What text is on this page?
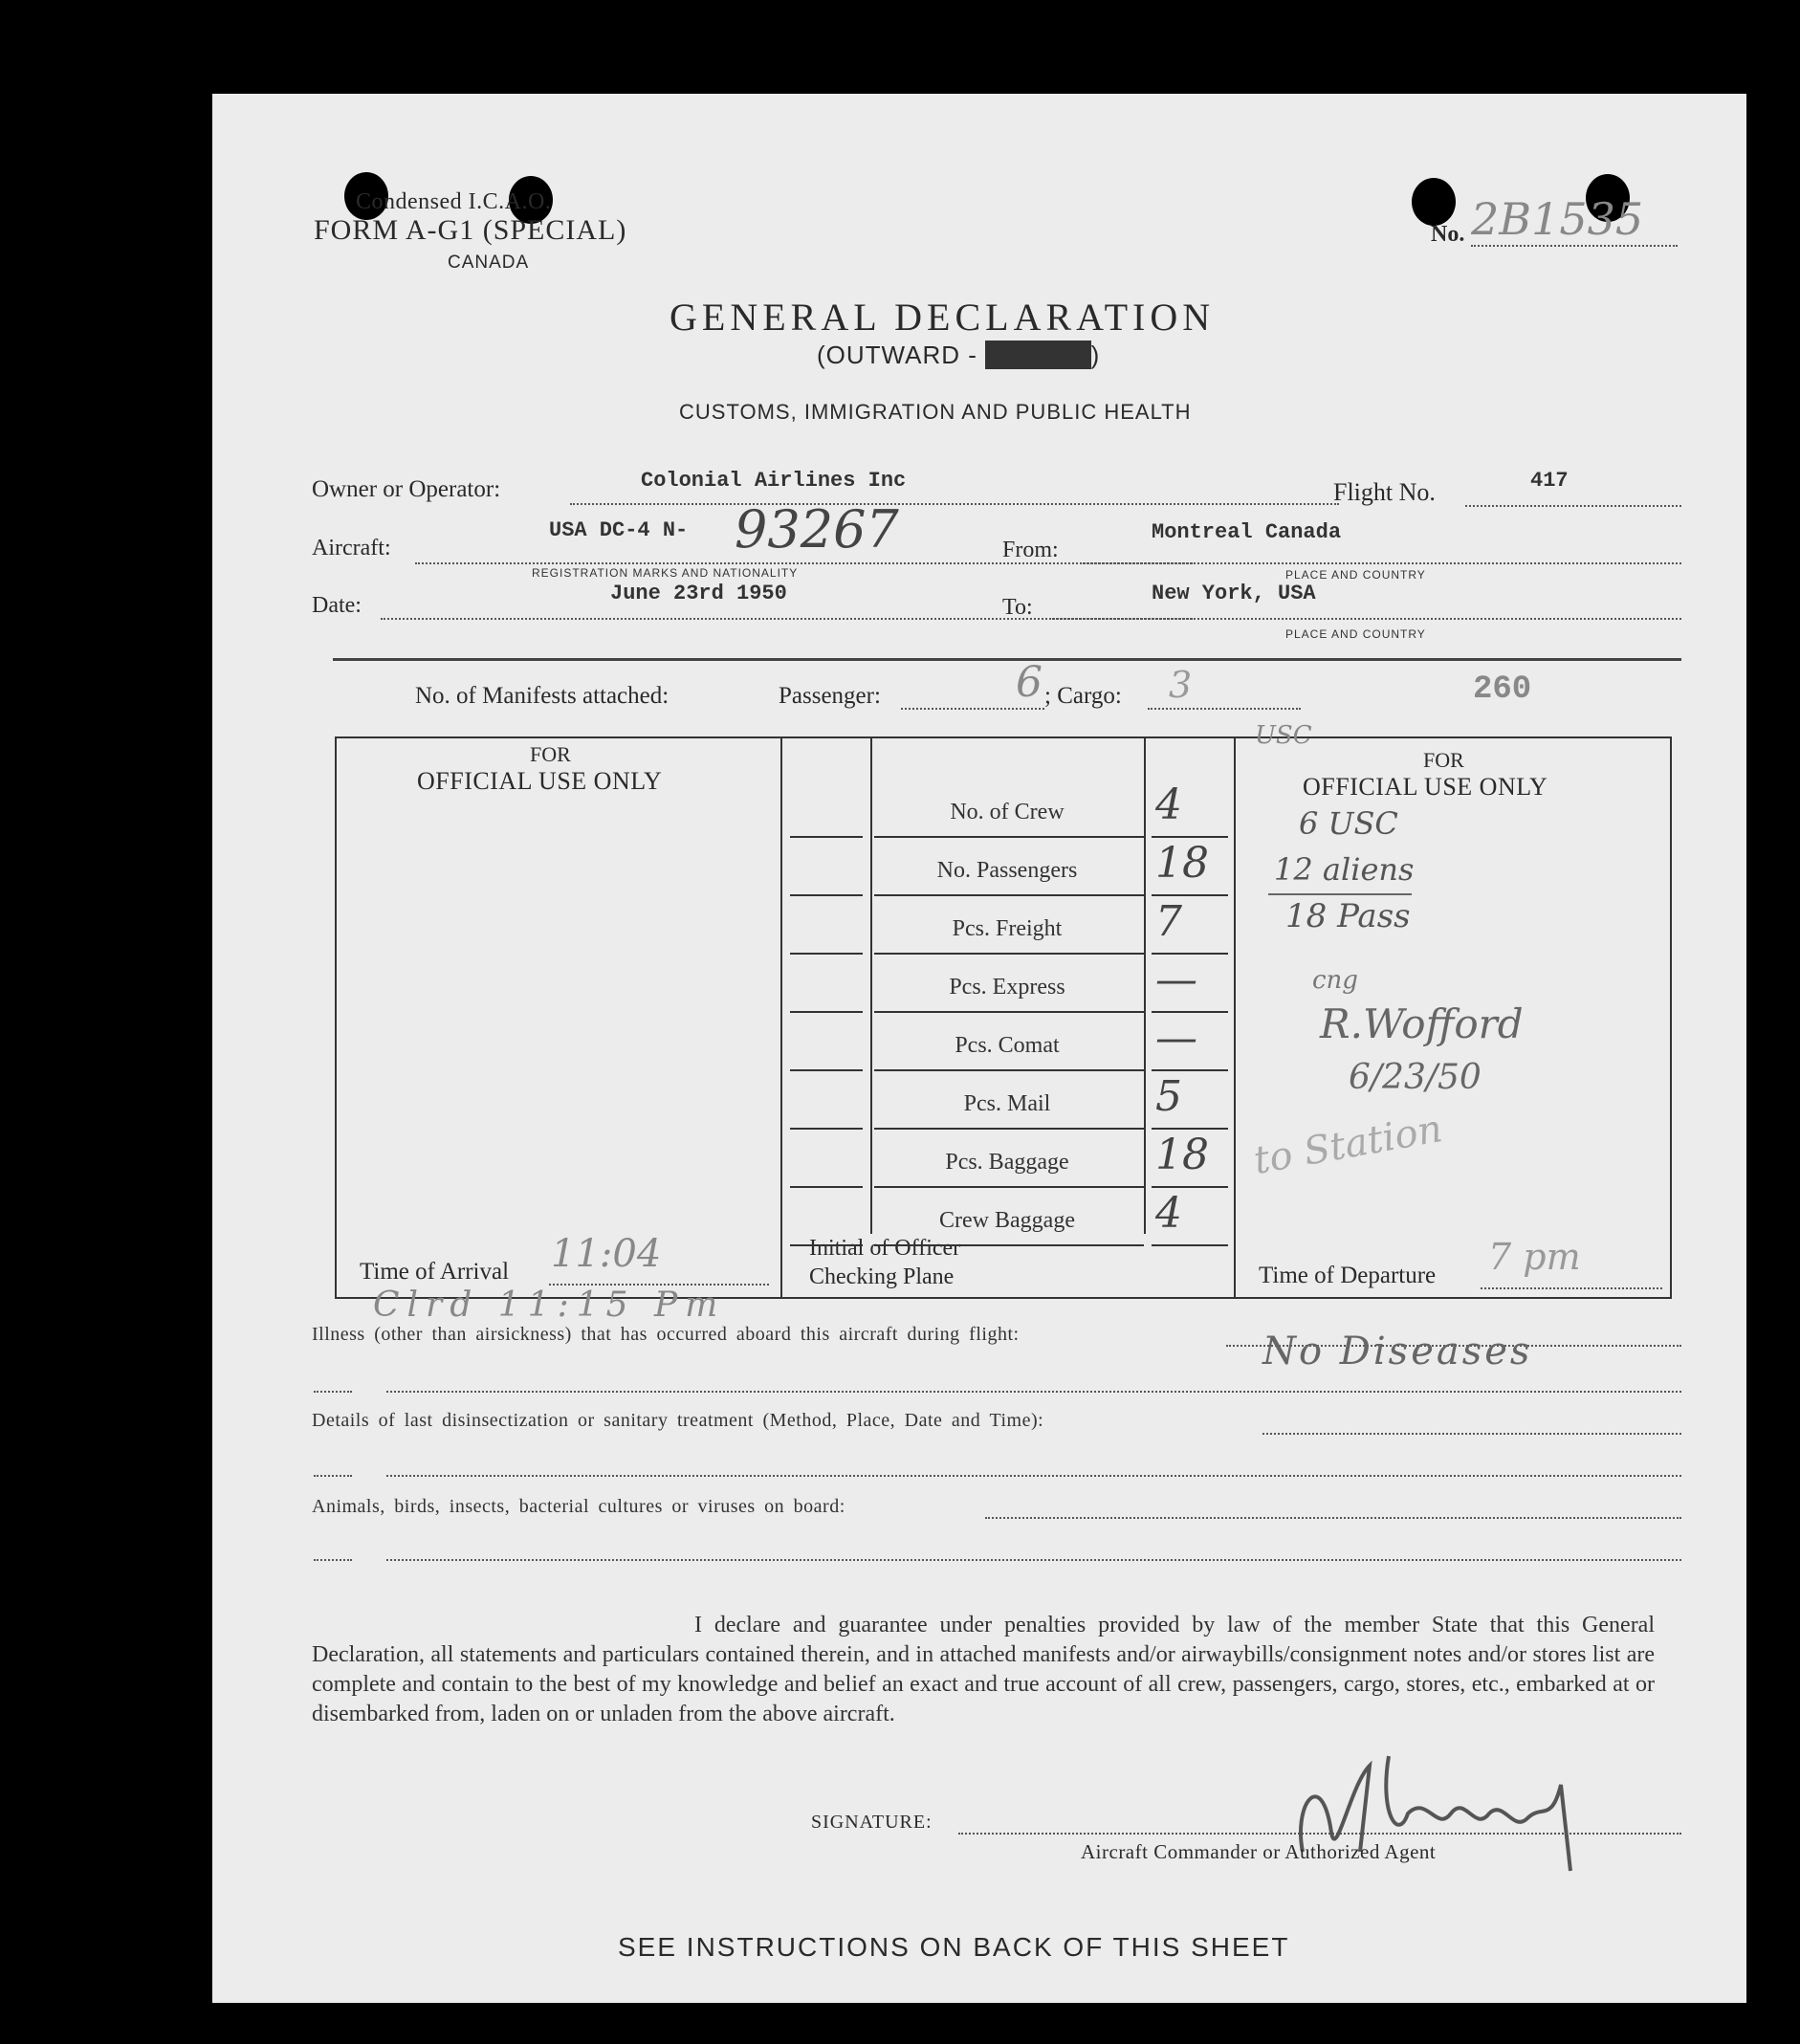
Condensed I.C.A.O.
FORM A-G1 (SPECIAL)
CANADA
No. 2B1535
GENERAL DECLARATION
(OUTWARD - INWARD)
CUSTOMS, IMMIGRATION AND PUBLIC HEALTH
Owner or Operator:	Colonial Airlines Inc	Flight No.	417
Aircraft:
USA DC-4 N- 93267
REGISTRATION MARKS AND NATIONALITY
From:
Montreal Canada
PLACE AND COUNTRY
Date:	June 23rd 1950
To:
New York, USA
PLACE AND COUNTRY
No. of Manifests attached:	Passenger:	6 ; Cargo: 3	260
FOR
OFFICIAL USE ONLY
Time of Arrival 11:04	Initial of Officer
Checking Plane
FOR
OFFICIAL USE ONLY
USC
6 USC
12 aliens
18 Pass
cng
R.Wofford
6/23/50
to Station
Time of Departure 7 pm
Clrd 11:15 Pm
Illness (other than airsickness) that has occurred aboard this aircraft during flight:	No Diseases
Details of last disinsectization or sanitary treatment (Method, Place, Date and Time):
Animals, birds, insects, bacterial cultures or viruses on board:
I declare and guarantee under penalties provided by law of the member State that this General Declaration, all statements and particulars contained therein, and in attached manifests and/or airwaybills/consignment notes and/or stores list are complete and contain to the best of my knowledge and belief an exact and true account of all crew, passengers, cargo, stores, etc., embarked at or disembarked from, laden on or unladen from the above aircraft.
SIGNATURE:
Aircraft Commander or Authorized Agent
SEE INSTRUCTIONS ON BACK OF THIS SHEET
No. of Crew	4
No. Passengers	18
Pcs. Freight	7
Pcs. Express	—
Pcs. Comat	—
Pcs. Mail	5
Pcs. Baggage	18
Crew Baggage	4
